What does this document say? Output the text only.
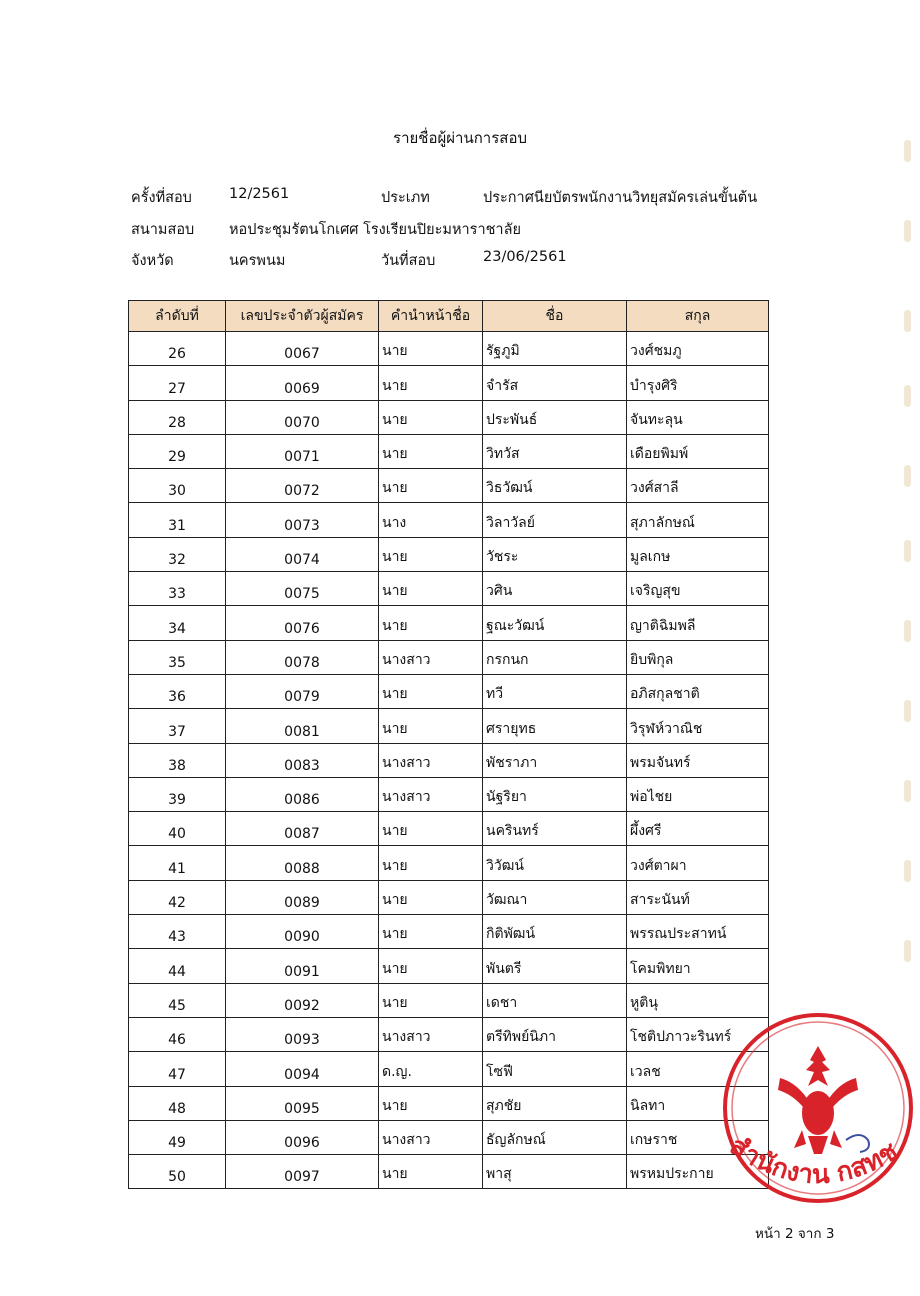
รายชื่อผู้ผ่านการสอบ
ครั้งที่สอบ	12/2561	ประเภท	ประกาศนียบัตรพนักงานวิทยุสมัครเล่นขั้นต้น
สนามสอบ หอประชุมรัตนโกเศศ โรงเรียนปิยะมหาราชาลัย
จังหวัด	นครพนม	วันที่สอบ	23/06/2561
ลำดับที่	เลขประจำตัวผู้สมัคร	คำนำหน้าชื่อ	ชื่อ	สกุล
26	0067	นาย	รัฐภูมิ	วงศ์ชมภู
27	0069	นาย	จำรัส	บำรุงศิริ
28	0070	นาย	ประพันธ์	จันทะลุน
29	0071	นาย	วิทวัส	เดือยพิมพ์
30	0072	นาย	วิธวัฒน์	วงศ์สาลี
31	0073	นาง	วิลาวัลย์	สุภาลักษณ์
32	0074	นาย	วัชระ	มูลเกษ
33	0075	นาย	วศิน	เจริญสุข
34	0076	นาย	ฐณะวัฒน์	ญาติฉิมพลี
35	0078	นางสาว	กรกนก	ยิบพิกุล
36	0079	นาย	ทวี	อภิสกุลชาติ
37	0081	นาย	ศรายุทธ	วิรุฬห์วาณิช
38	0083	นางสาว	พัชราภา	พรมจันทร์
39	0086	นางสาว	นัฐริยา	พ่อไชย
40	0087	นาย	นครินทร์	ผึ้งศรี
41	0088	นาย	วิวัฒน์	วงศ์ตาผา
42	0089	นาย	วัฒณา	สาระนันท์
43	0090	นาย	กิติพัฒน์	พรรณประสาทน์
44	0091	นาย	พันตรี	โคมพิทยา
45	0092	นาย	เดชา	หูตินุ
46	0093	นางสาว	ตรีทิพย์นิภา	โชติปภาวะรินทร์
47	0094	ด.ญ.	โซฟี	เวลช
48	0095	นาย	สุภชัย	นิลทา
49	0096	นางสาว	ธัญลักษณ์	เกษราช
50	0097	นาย	พาสุ	พรหมประกาย
สำนักงาน กสทช
หน้า 2 จาก 3
